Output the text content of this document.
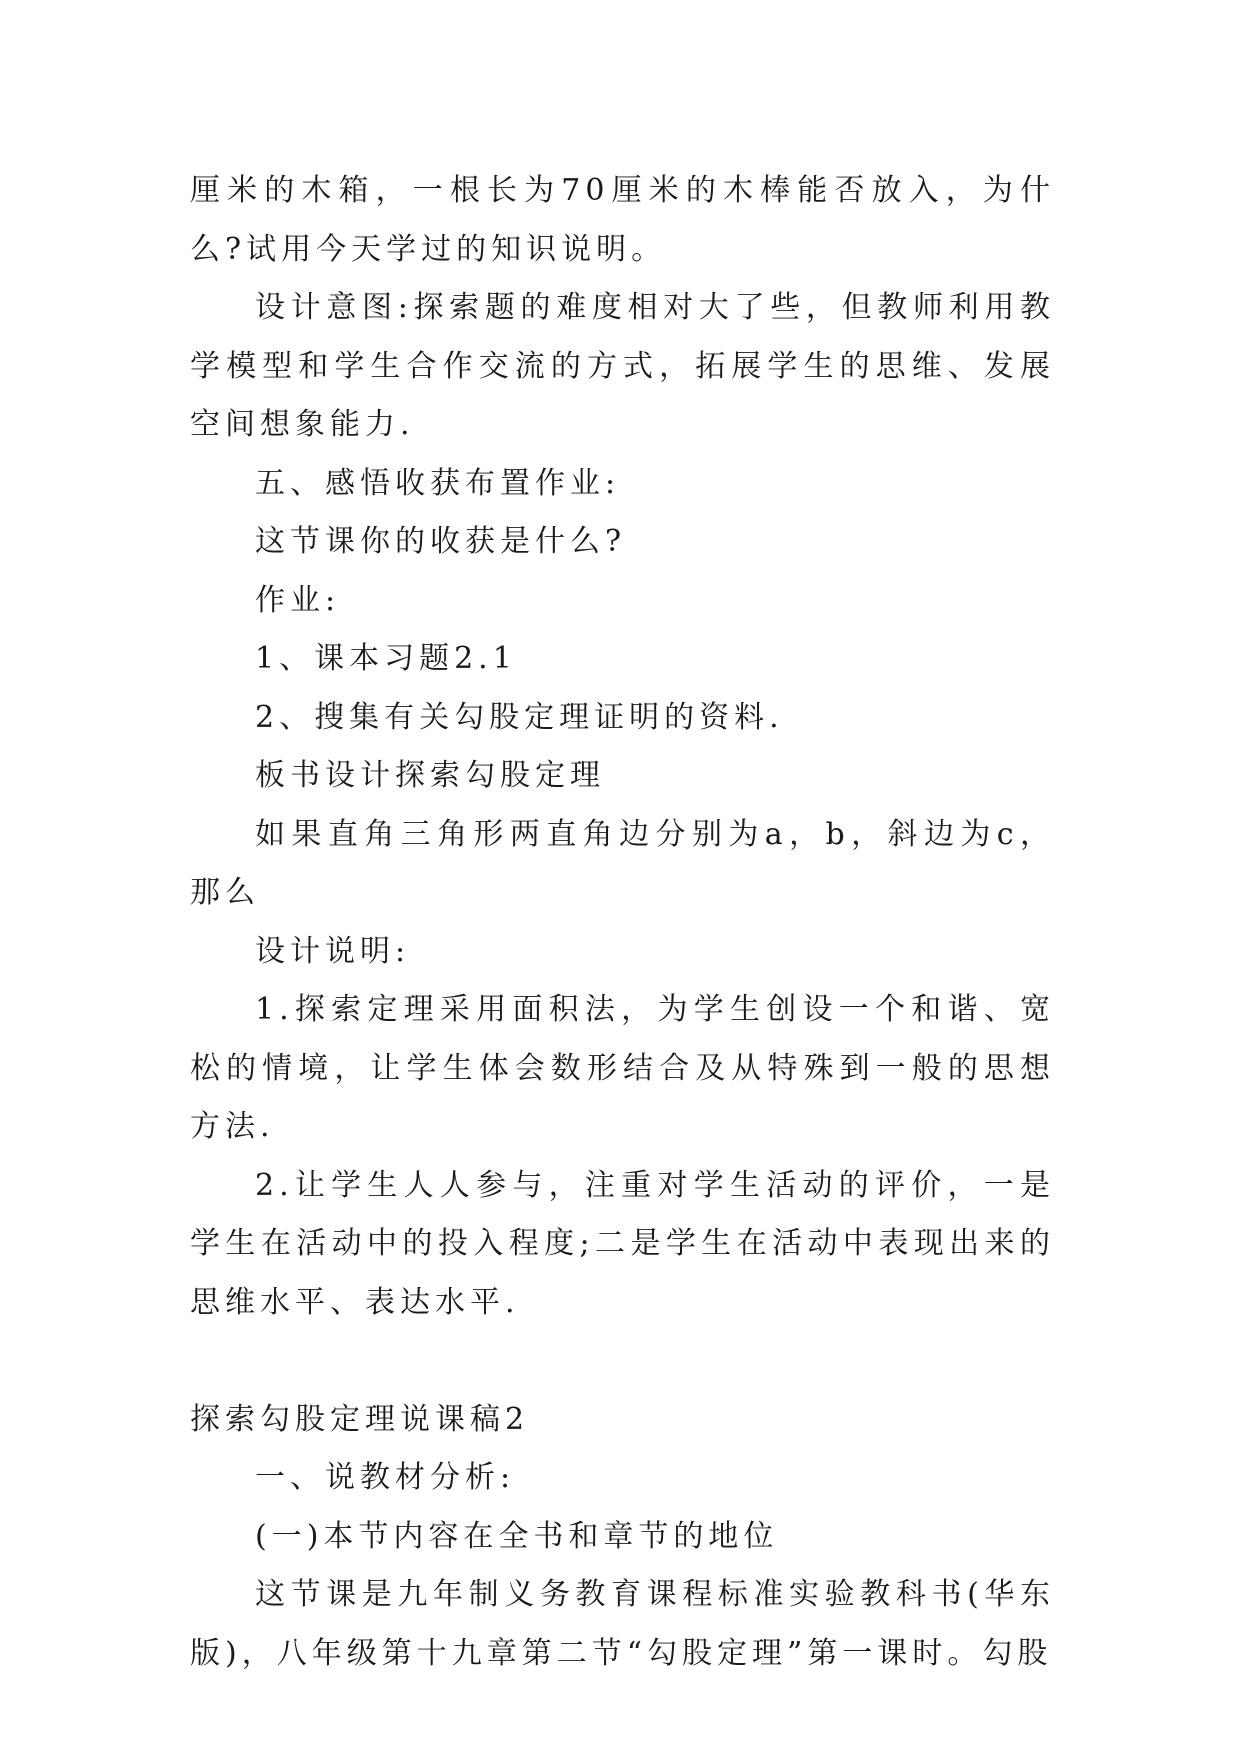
厘米的木箱，一根长为70厘米的木棒能否放入，为什么?试用今天学过的知识说明。

设计意图:探索题的难度相对大了些，但教师利用教学模型和学生合作交流的方式，拓展学生的思维、发展空间想象能力.

五、感悟收获布置作业:

这节课你的收获是什么?

作业:

1、课本习题2.1

2、搜集有关勾股定理证明的资料.

板书设计探索勾股定理

如果直角三角形两直角边分别为a，b，斜边为c，那么

设计说明:

1.探索定理采用面积法，为学生创设一个和谐、宽松的情境，让学生体会数形结合及从特殊到一般的思想方法.

2.让学生人人参与，注重对学生活动的评价，一是学生在活动中的投入程度;二是学生在活动中表现出来的思维水平、表达水平.

探索勾股定理说课稿2

一、说教材分析:

(一)本节内容在全书和章节的地位

这节课是九年制义务教育课程标准实验教科书(华东版)，八年级第十九章第二节“勾股定理”第一课时。勾股
